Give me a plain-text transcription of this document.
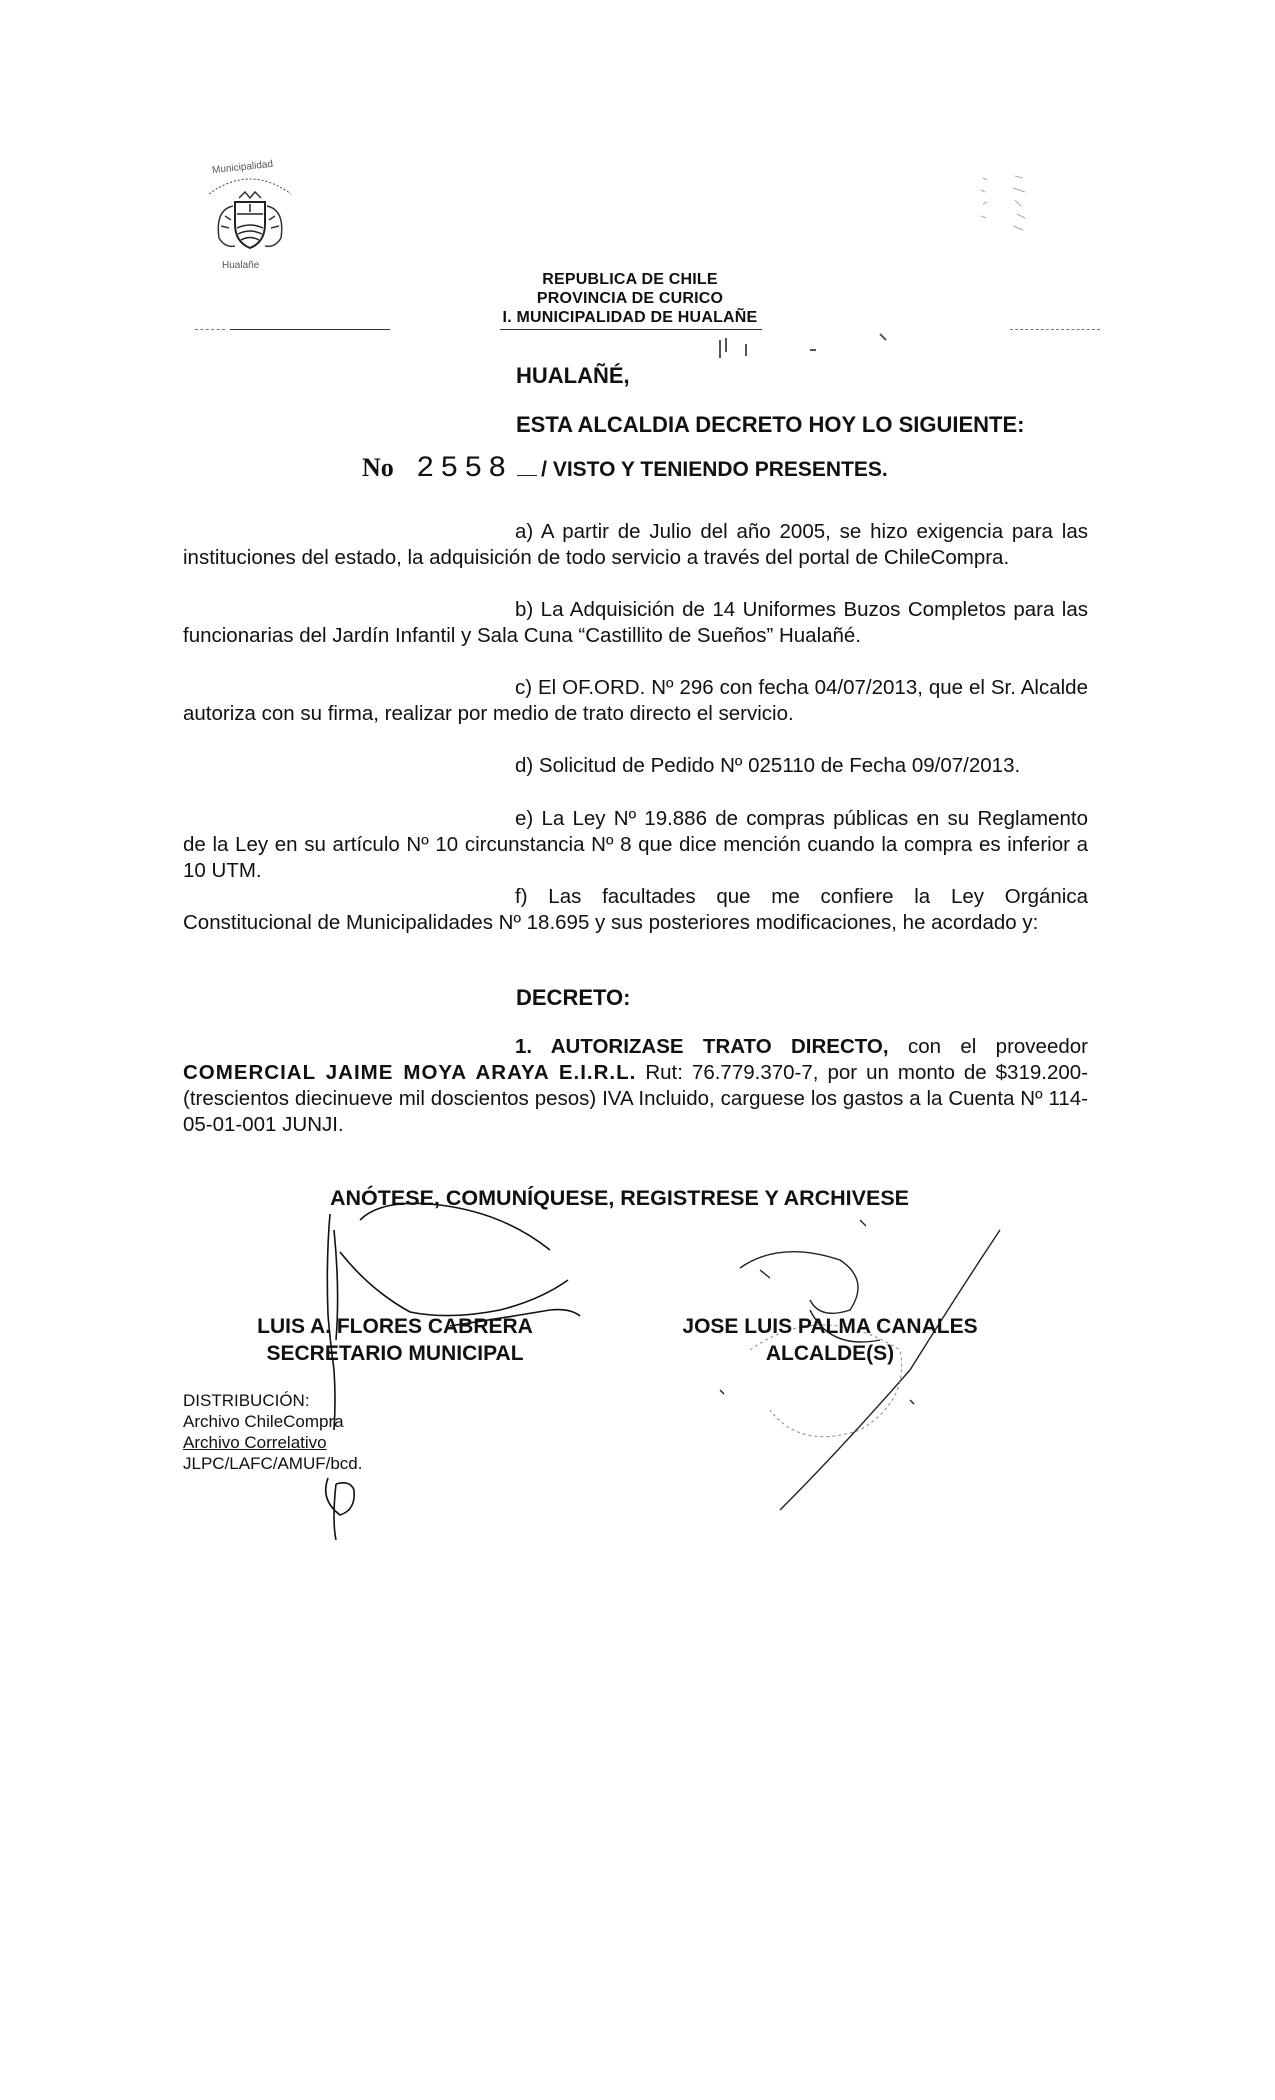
Municipalidad
Hualañe
REPUBLICA DE CHILE
PROVINCIA DE CURICO
I. MUNICIPALIDAD DE HUALAÑE
HUALAÑÉ,
ESTA ALCALDIA DECRETO HOY LO SIGUIENTE:
No 2558 / VISTO Y TENIENDO PRESENTES.
a) A partir de Julio del año 2005, se hizo exigencia para las instituciones del estado, la adquisición de todo servicio a través del portal de ChileCompra.
b) La Adquisición de 14 Uniformes Buzos Completos para las funcionarias del Jardín Infantil y Sala Cuna “Castillito de Sueños” Hualañé.
c) El OF.ORD. Nº 296 con fecha 04/07/2013, que el Sr. Alcalde autoriza con su firma, realizar por medio de trato directo el servicio.
d) Solicitud de Pedido Nº 025110 de Fecha 09/07/2013.
e) La Ley Nº 19.886 de compras públicas en su Reglamento de la Ley en su artículo Nº 10 circunstancia Nº 8 que dice mención cuando la compra es inferior a 10 UTM.
f) Las facultades que me confiere la Ley Orgánica Constitucional de Municipalidades Nº 18.695 y sus posteriores modificaciones, he acordado y:
DECRETO:
1. AUTORIZASE TRATO DIRECTO, con el proveedor COMERCIAL JAIME MOYA ARAYA E.I.R.L. Rut: 76.779.370-7, por un monto de $319.200- (trescientos diecinueve mil doscientos pesos) IVA Incluido, carguese los gastos a la Cuenta Nº 114-05-01-001 JUNJI.
ANÓTESE, COMUNÍQUESE, REGISTRESE Y ARCHIVESE
LUIS A. FLORES CABRERA
SECRETARIO MUNICIPAL
JOSE LUIS PALMA CANALES
ALCALDE(S)
DISTRIBUCIÓN:
Archivo ChileCompra
Archivo Correlativo
JLPC/LAFC/AMUF/bcd.
